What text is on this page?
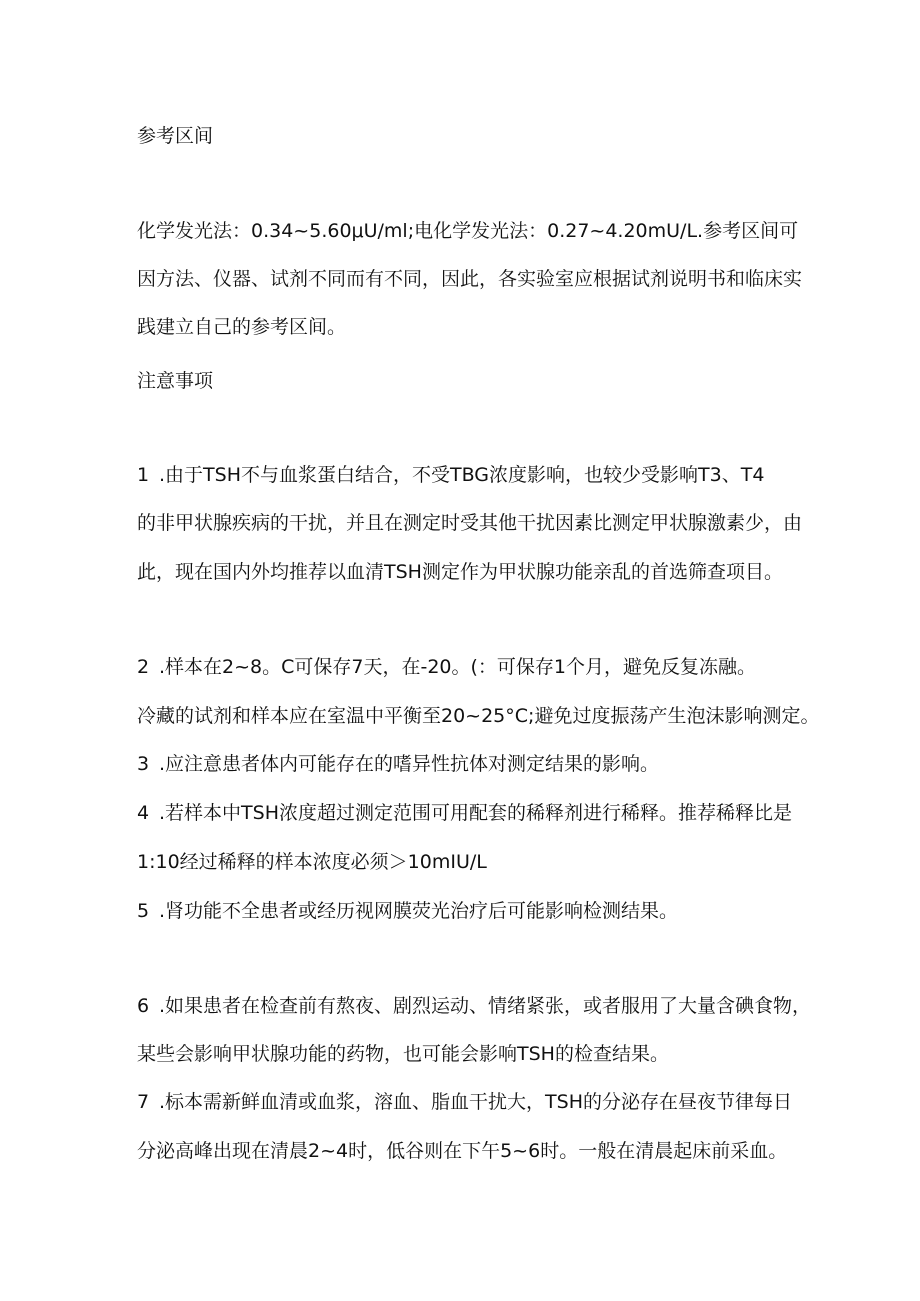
参考区间
化学发光法：0.34~5.60μU/ml;电化学发光法：0.27~4.20mU/L.参考区间可
因方法、仪器、试剂不同而有不同，因此，各实验室应根据试剂说明书和临床实
践建立自己的参考区间。
注意事项
1 .由于TSH不与血浆蛋白结合，不受TBG浓度影响，也较少受影响T3、T4
的非甲状腺疾病的干扰，并且在测定时受其他干扰因素比测定甲状腺激素少，由
此，现在国内外均推荐以血清TSH测定作为甲状腺功能亲乱的首选筛查项目。
2 .样本在2~8。C可保存7天，在-20。(：可保存1个月，避免反复冻融。
冷藏的试剂和样本应在室温中平衡至20~25°C;避免过度振荡产生泡沫影响测定。
3 .应注意患者体内可能存在的嗜异性抗体对测定结果的影响。
4 .若样本中TSH浓度超过测定范围可用配套的稀释剂进行稀释。推荐稀释比是
1:10经过稀释的样本浓度必须＞10mIU/L
5 .肾功能不全患者或经历视网膜荧光治疗后可能影响检测结果。
6 .如果患者在检查前有熬夜、剧烈运动、情绪紧张，或者服用了大量含碘食物，
某些会影响甲状腺功能的药物，也可能会影响TSH的检查结果。
7 .标本需新鲜血清或血浆，溶血、脂血干扰大，TSH的分泌存在昼夜节律每日
分泌高峰出现在清晨2~4时，低谷则在下午5~6时。一般在清晨起床前采血。
